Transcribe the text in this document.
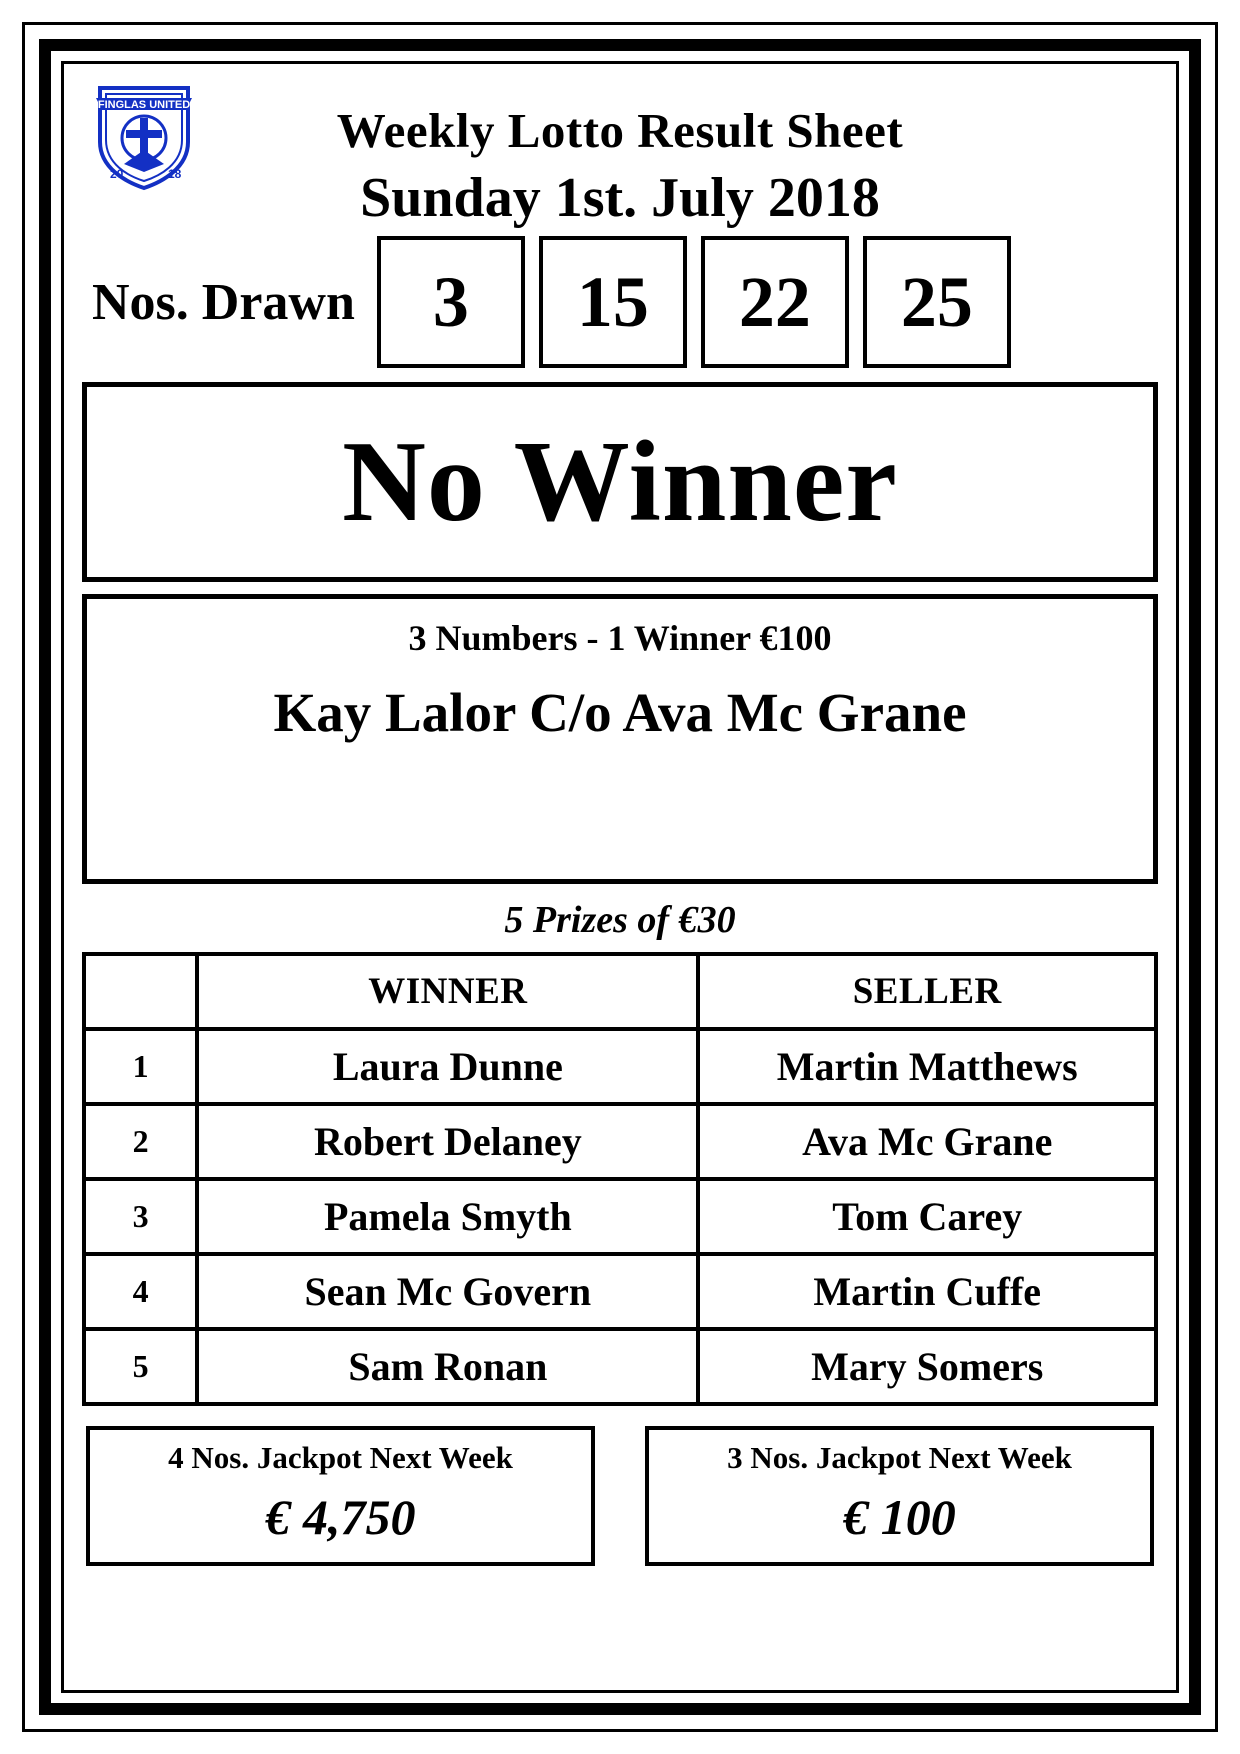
FINGLAS UNITED
20	18
Weekly Lotto Result Sheet
Sunday 1st. July 2018
Nos. Drawn	3	15	22	25
No Winner
3 Numbers - 1 Winner €100
Kay Lalor C/o Ava Mc Grane
5 Prizes of €30
	WINNER	SELLER
1	Laura Dunne	Martin Matthews
2	Robert Delaney	Ava Mc Grane
3	Pamela Smyth	Tom Carey
4	Sean Mc Govern	Martin Cuffe
5	Sam Ronan	Mary Somers
4 Nos. Jackpot Next Week
€ 4,750
3 Nos. Jackpot Next Week
€ 100
